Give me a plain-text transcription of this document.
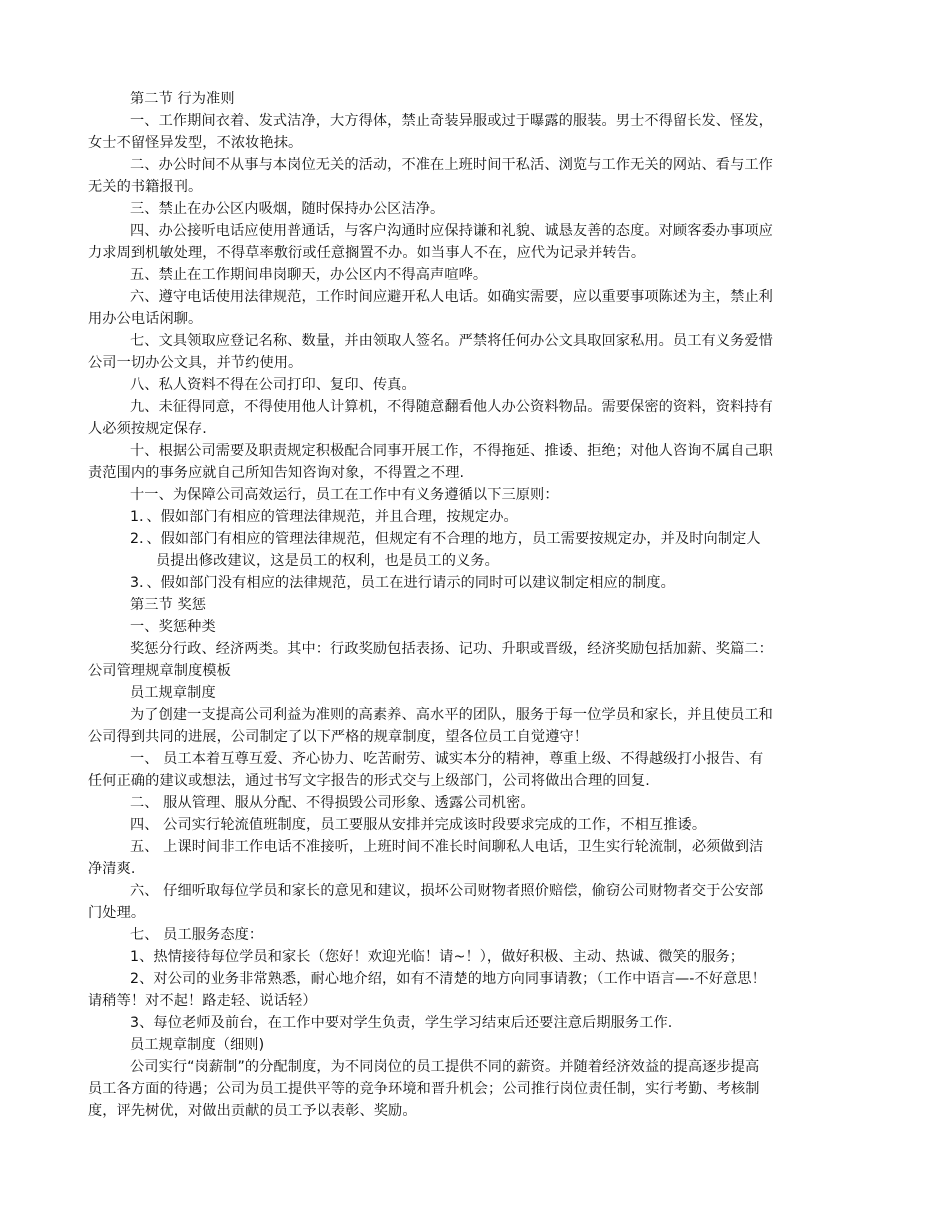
第二节 行为准则
一、工作期间衣着、发式洁净，大方得体，禁止奇装异服或过于曝露的服装。男士不得留长发、怪发，
女士不留怪异发型，不浓妆艳抹。
二、办公时间不从事与本岗位无关的活动，不准在上班时间干私活、浏览与工作无关的网站、看与工作
无关的书籍报刊。
三、禁止在办公区内吸烟，随时保持办公区洁净。
四、办公接听电话应使用普通话，与客户沟通时应保持谦和礼貌、诚恳友善的态度。对顾客委办事项应
力求周到机敏处理，不得草率敷衍或任意搁置不办。如当事人不在，应代为记录并转告。
五、禁止在工作期间串岗聊天，办公区内不得高声喧哗。
六、遵守电话使用法律规范，工作时间应避开私人电话。如确实需要，应以重要事项陈述为主，禁止利
用办公电话闲聊。
七、文具领取应登记名称、数量，并由领取人签名。严禁将任何办公文具取回家私用。员工有义务爱惜
公司一切办公文具，并节约使用。
八、私人资料不得在公司打印、复印、传真。
九、未征得同意，不得使用他人计算机，不得随意翻看他人办公资料物品。需要保密的资料，资料持有
人必须按规定保存.
十、根据公司需要及职责规定积极配合同事开展工作，不得拖延、推诿、拒绝；对他人咨询不属自己职
责范围内的事务应就自己所知告知咨询对象，不得置之不理.
十一、为保障公司高效运行，员工在工作中有义务遵循以下三原则：
1．、假如部门有相应的管理法律规范，并且合理，按规定办。
2．、假如部门有相应的管理法律规范，但规定有不合理的地方，员工需要按规定办，并及时向制定人
员提出修改建议，这是员工的权利，也是员工的义务。
3．、假如部门没有相应的法律规范，员工在进行请示的同时可以建议制定相应的制度。
第三节 奖惩
一、奖惩种类
奖惩分行政、经济两类。其中：行政奖励包括表扬、记功、升职或晋级，经济奖励包括加薪、奖篇二：
公司管理规章制度模板
员工规章制度
为了创建一支提高公司利益为准则的高素养、高水平的团队，服务于每一位学员和家长，并且使员工和
公司得到共同的进展，公司制定了以下严格的规章制度，望各位员工自觉遵守！
一、 员工本着互尊互爱、齐心协力、吃苦耐劳、诚实本分的精神，尊重上级、不得越级打小报告、有
任何正确的建议或想法，通过书写文字报告的形式交与上级部门，公司将做出合理的回复.
二、 服从管理、服从分配、不得损毁公司形象、透露公司机密。
四、 公司实行轮流值班制度，员工要服从安排并完成该时段要求完成的工作，不相互推诿。
五、 上课时间非工作电话不准接听，上班时间不准长时间聊私人电话，卫生实行轮流制，必须做到洁
净清爽.
六、 仔细听取每位学员和家长的意见和建议，损坏公司财物者照价赔偿，偷窃公司财物者交于公安部
门处理。
七、 员工服务态度：
1、热情接待每位学员和家长（您好！欢迎光临！请~！），做好积极、主动、热诚、微笑的服务；
2、对公司的业务非常熟悉，耐心地介绍，如有不清楚的地方向同事请教；（工作中语言—-不好意思！
请稍等！对不起！路走轻、说话轻）
3、每位老师及前台，在工作中要对学生负责，学生学习结束后还要注意后期服务工作.
员工规章制度（细则)
公司实行“岗薪制”的分配制度，为不同岗位的员工提供不同的薪资。并随着经济效益的提高逐步提高
员工各方面的待遇；公司为员工提供平等的竞争环境和晋升机会；公司推行岗位责任制，实行考勤、考核制
度，评先树优，对做出贡献的员工予以表彰、奖励。
